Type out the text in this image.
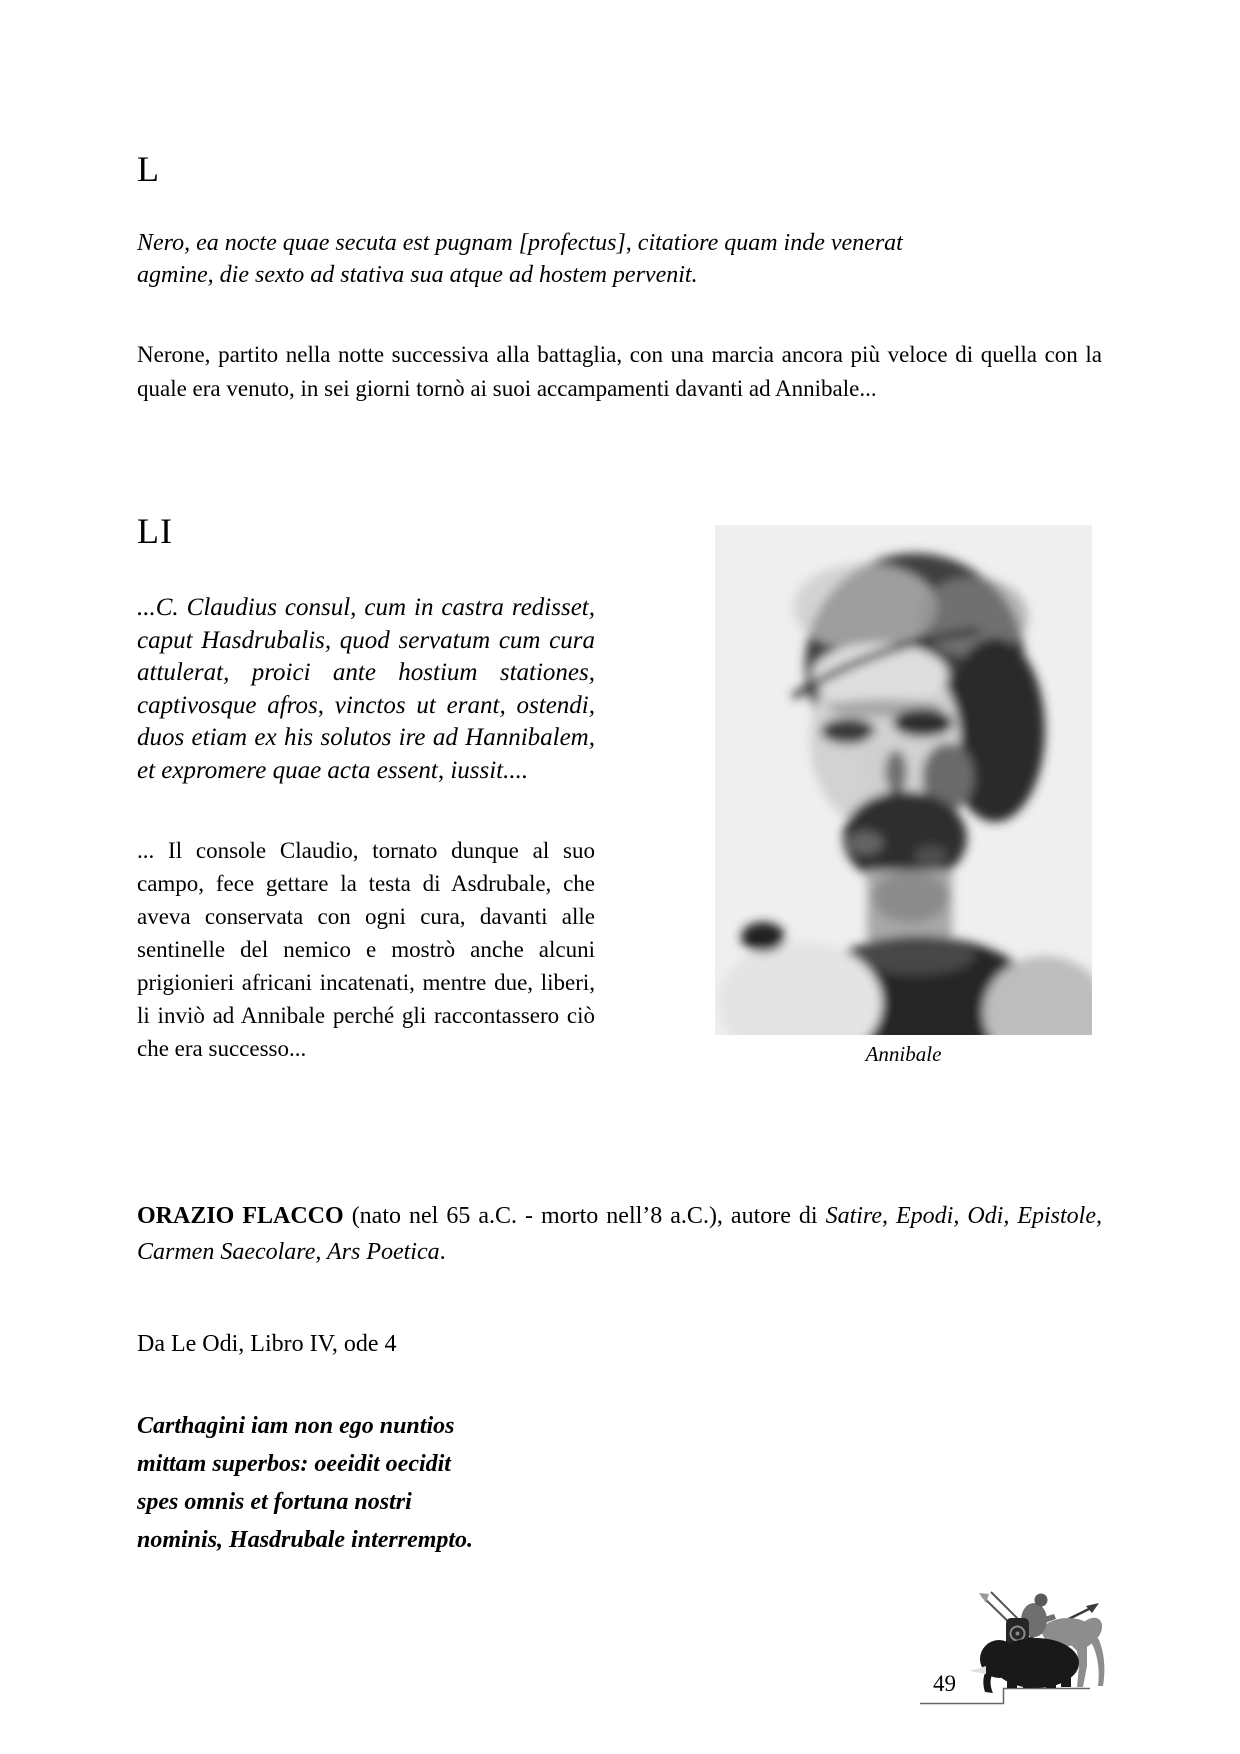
L
Nero, ea nocte quae secuta est pugnam [profectus], citatiore quam inde venerat agmine, die sexto ad stativa sua atque ad hostem pervenit.
Nerone, partito nella notte successiva alla battaglia, con una marcia ancora più veloce di quella con la quale era venuto, in sei giorni tornò ai suoi accampamenti davanti ad Annibale...
LI
...C. Claudius consul, cum in castra redisset, caput Hasdrubalis, quod servatum cum cura attulerat, proici ante hostium stationes, captivosque afros, vinctos ut erant, ostendi, duos etiam ex his solutos ire ad Hannibalem, et expromere quae acta essent, iussit....
... Il console Claudio, tornato dunque al suo campo, fece gettare la testa di Asdrubale, che aveva conservata con ogni cura, davanti alle sentinelle del nemico e mostrò anche alcuni prigionieri africani incatenati, mentre due, liberi, li inviò ad Annibale perché gli raccontassero ciò che era successo...	Annibale

ORAZIO FLACCO (nato nel 65 a.C. - morto nell’8 a.C.), autore di Satire, Epodi, Odi, Epistole, Carmen Saecolare, Ars Poetica.

Da Le Odi, Libro IV, ode 4
Carthagini iam non ego nuntios
mittam superbos: oeeidit oecidit
spes omnis et fortuna nostri
nominis, Hasdrubale interrempto.
49
